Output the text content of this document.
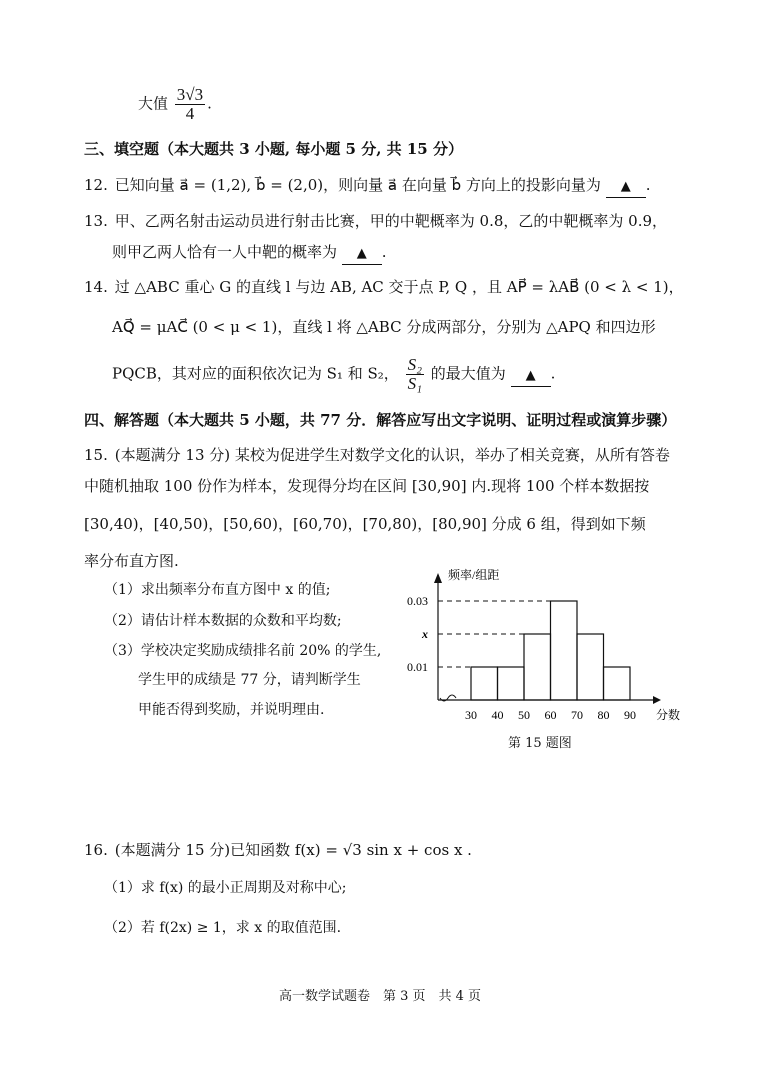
大值 $\frac{3√3}{4}$ .
三、填空题（本大题共 3 小题, 每小题 5 分, 共 15 分）
12. 已知向量 a⃗ = (1,2), b⃗ = (2,0)，则向量 a⃗ 在向量 b⃗ 方向上的投影向量为 ▲ .
13. 甲、乙两名射击运动员进行射击比赛，甲的中靶概率为 0.8，乙的中靶概率为 0.9，
则甲乙两人恰有一人中靶的概率为 ▲ .
14. 过 △ABC 重心 G 的直线 l 与边 AB, AC 交于点 P, Q ，且 AP⃗ = λAB⃗ (0 < λ < 1)，
AQ⃗ = μAC⃗ (0 < μ < 1)，直线 l 将 △ABC 分成两部分，分别为 △APQ 和四边形
PQCB，其对应的面积依次记为 S₁ 和 S₂， $\frac{\text{S₂}}{\text{S₁}}$ 的最大值为 ▲ .
四、解答题（本大题共 5 小题，共 77 分．解答应写出文字说明、证明过程或演算步骤）
15. (本题满分 13 分) 某校为促进学生对数学文化的认识，举办了相关竞赛，从所有答卷
中随机抽取 100 份作为样本，发现得分均在区间 [30,90] 内.现将 100 个样本数据按
[30,40)，[40,50)，[50,60)，[60,70)，[70,80)，[80,90] 分成 6 组，得到如下频
率分布直方图.
（1）求出频率分布直方图中 x 的值;
（2）请估计样本数据的众数和平均数;
（3）学校决定奖励成绩排名前 20% 的学生,
学生甲的成绩是 77 分，请判断学生
甲能否得到奖励，并说明理由.
0.01
x
0.03
30 40 50 60 70 80 90
频率/组距
分数
第 15 题图
16. (本题满分 15 分)已知函数 f(x) = √3 sin x + cos x .
（1）求 f(x) 的最小正周期及对称中心;
（2）若 f(2x) ≥ 1，求 x 的取值范围.
高一数学试题卷　第 3 页　共 4 页
